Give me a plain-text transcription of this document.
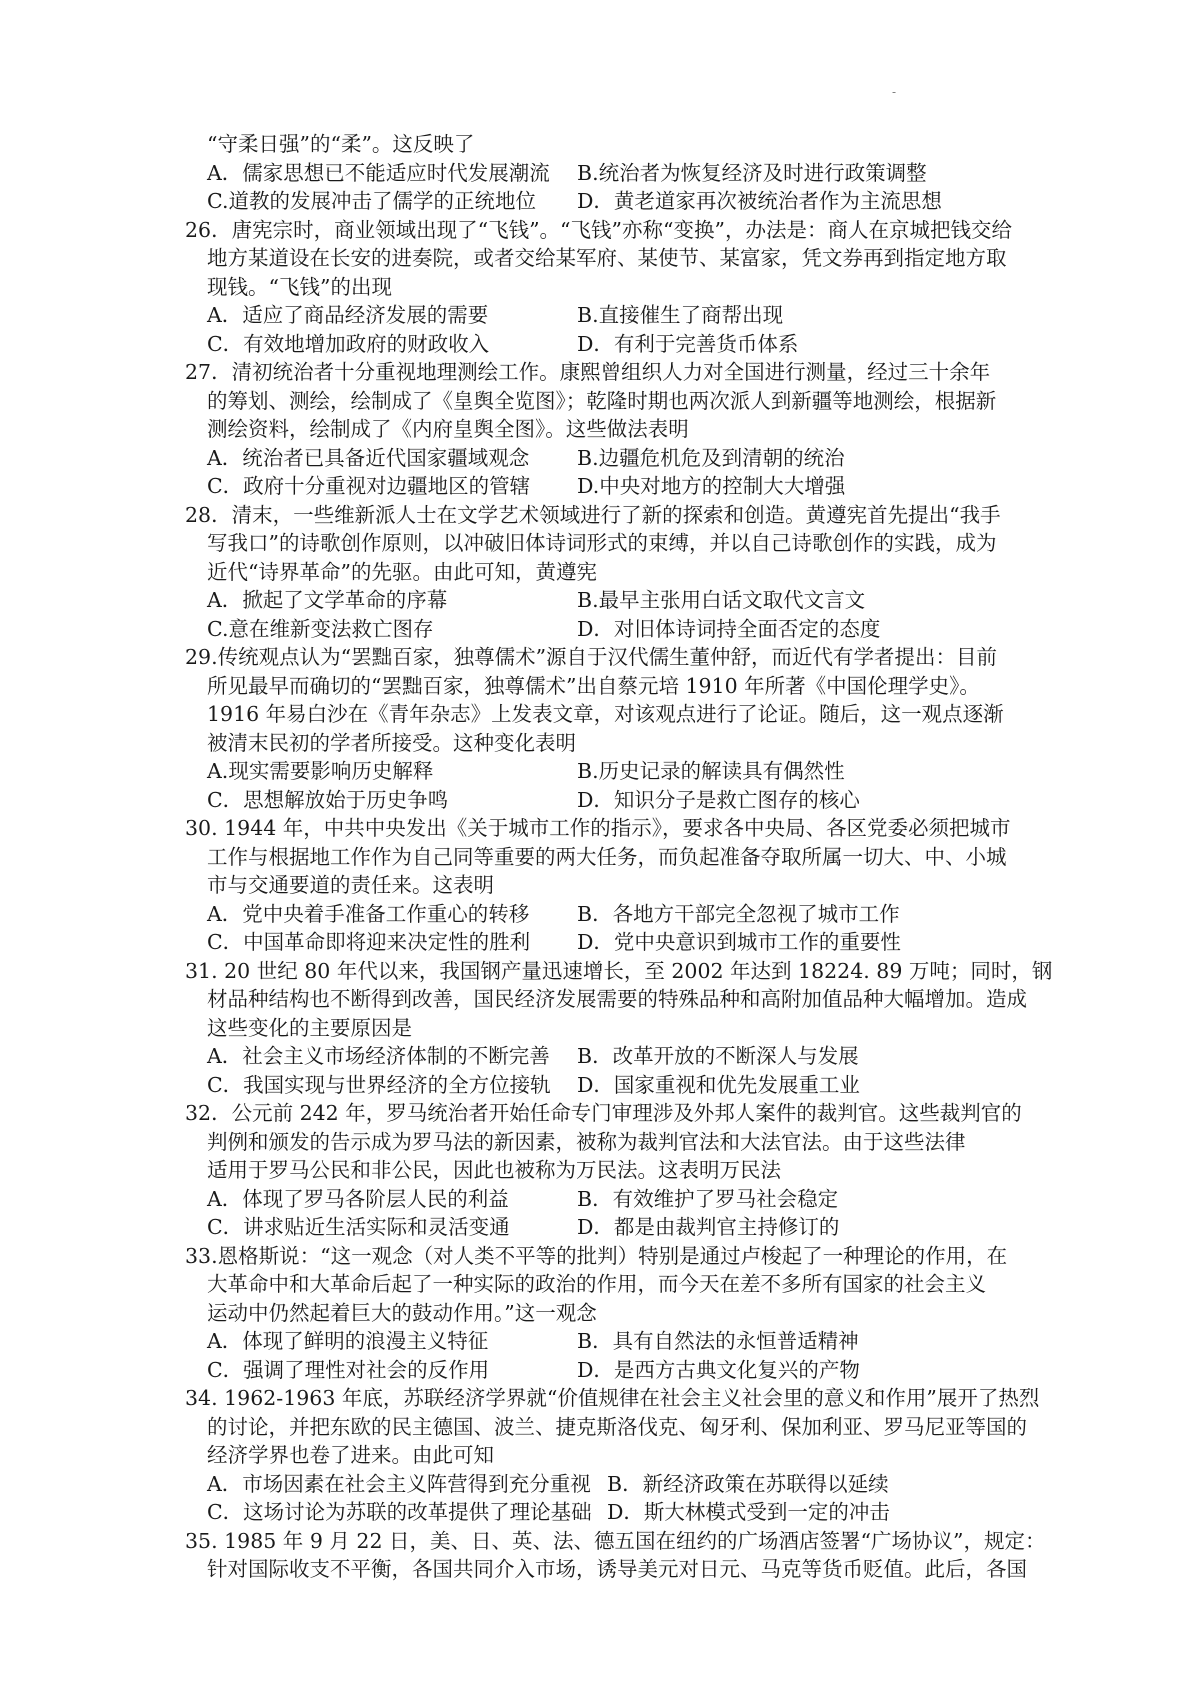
-
“守柔日强”的“柔”。这反映了
A．儒家思想已不能适应时代发展潮流	B.统治者为恢复经济及时进行政策调整
C.道教的发展冲击了儒学的正统地位	D．黄老道家再次被统治者作为主流思想
26．唐宪宗时，商业领域出现了“飞钱”。“飞钱”亦称“变换”，办法是：商人在京城把钱交给
地方某道设在长安的进奏院，或者交给某军府、某使节、某富家，凭文券再到指定地方取
现钱。“飞钱”的出现
A．适应了商品经济发展的需要	B.直接催生了商帮出现
C．有效地增加政府的财政收入	D．有利于完善货币体系
27．清初统治者十分重视地理测绘工作。康熙曾组织人力对全国进行测量，经过三十余年
的筹划、测绘，绘制成了《皇舆全览图》；乾隆时期也两次派人到新疆等地测绘，根据新
测绘资料，绘制成了《内府皇舆全图》。这些做法表明
A．统治者已具备近代国家疆域观念	B.边疆危机危及到清朝的统治
C．政府十分重视对边疆地区的管辖	D.中央对地方的控制大大增强
28．清末，一些维新派人士在文学艺术领域进行了新的探索和创造。黄遵宪首先提出“我手
写我口”的诗歌创作原则，以冲破旧体诗词形式的束缚，并以自己诗歌创作的实践，成为
近代“诗界革命”的先驱。由此可知，黄遵宪
A．掀起了文学革命的序幕	B.最早主张用白话文取代文言文
C.意在维新变法救亡图存	D．对旧体诗词持全面否定的态度
29.传统观点认为“罢黜百家，独尊儒术”源自于汉代儒生董仲舒，而近代有学者提出：目前
所见最早而确切的“罢黜百家，独尊儒术”出自蔡元培 1910 年所著《中国伦理学史》。
1916 年易白沙在《青年杂志》上发表文章，对该观点进行了论证。随后，这一观点逐渐
被清末民初的学者所接受。这种变化表明
A.现实需要影响历史解释	B.历史记录的解读具有偶然性
C．思想解放始于历史争鸣	D．知识分子是救亡图存的核心
30. 1944 年，中共中央发出《关于城市工作的指示》，要求各中央局、各区党委必须把城市
工作与根据地工作作为自己同等重要的两大任务，而负起准备夺取所属一切大、中、小城
市与交通要道的责任来。这表明
A．党中央着手准备工作重心的转移	B．各地方干部完全忽视了城市工作
C．中国革命即将迎来决定性的胜利	D．党中央意识到城市工作的重要性
31. 20 世纪 80 年代以来，我国钢产量迅速增长，至 2002 年达到 18224. 89 万吨；同时，钢
材品种结构也不断得到改善，国民经济发展需要的特殊品种和高附加值品种大幅增加。造成
这些变化的主要原因是
A．社会主义市场经济体制的不断完善	B．改革开放的不断深人与发展
C．我国实现与世界经济的全方位接轨	D．国家重视和优先发展重工业
32．公元前 242 年，罗马统治者开始任命专门审理涉及外邦人案件的裁判官。这些裁判官的
判例和颁发的告示成为罗马法的新因素，被称为裁判官法和大法官法。由于这些法律
适用于罗马公民和非公民，因此也被称为万民法。这表明万民法
A．体现了罗马各阶层人民的利益	B．有效维护了罗马社会稳定
C．讲求贴近生活实际和灵活变通	D．都是由裁判官主持修订的
33.恩格斯说：“这一观念（对人类不平等的批判）特别是通过卢梭起了一种理论的作用，在
大革命中和大革命后起了一种实际的政治的作用，而今天在差不多所有国家的社会主义
运动中仍然起着巨大的鼓动作用。”这一观念
A．体现了鲜明的浪漫主义特征	B．具有自然法的永恒普适精神
C．强调了理性对社会的反作用	D．是西方古典文化复兴的产物
34. 1962-1963 年底，苏联经济学界就“价值规律在社会主义社会里的意义和作用”展开了热烈
的讨论，并把东欧的民主德国、波兰、捷克斯洛伐克、匈牙利、保加利亚、罗马尼亚等国的
经济学界也卷了进来。由此可知
A．市场因素在社会主义阵营得到充分重视 B．新经济政策在苏联得以延续
C．这场讨论为苏联的改革提供了理论基础 D．斯大林模式受到一定的冲击
35. 1985 年 9 月 22 日，美、日、英、法、德五国在纽约的广场酒店签署“广场协议”，规定：
针对国际收支不平衡，各国共同介入市场，诱导美元对日元、马克等货币贬值。此后，各国
